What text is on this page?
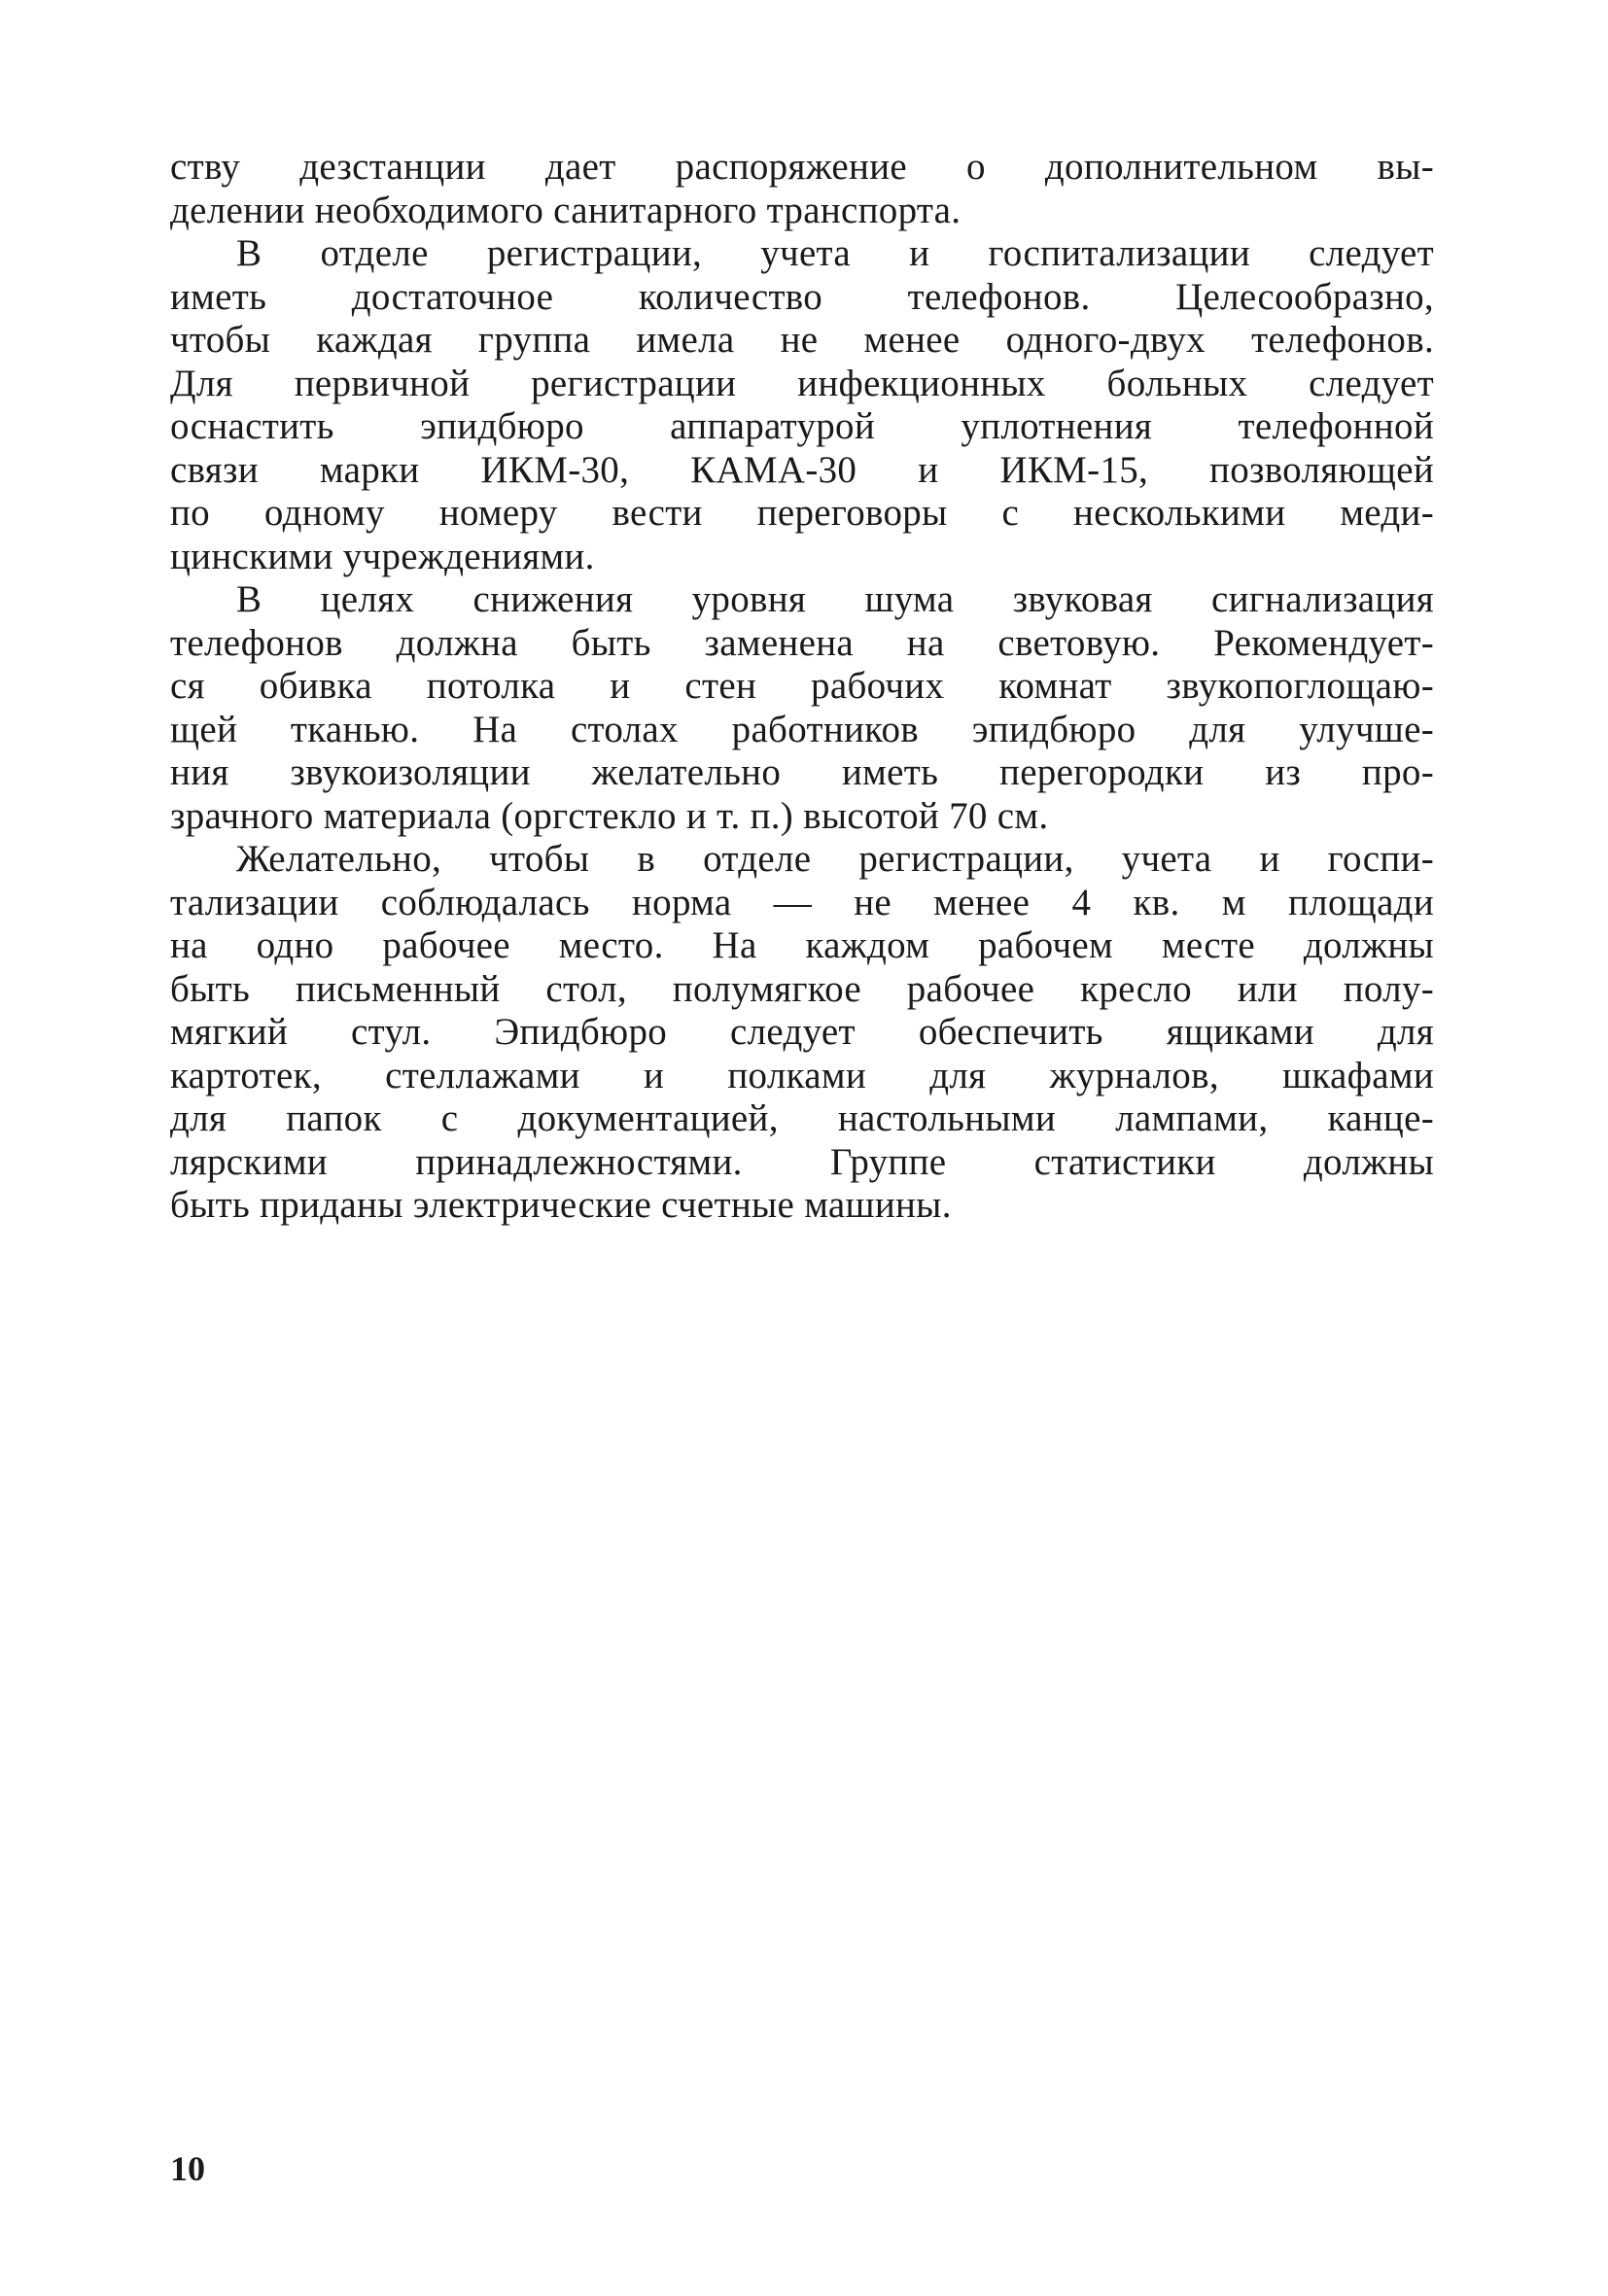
ству дезстанции дает распоряжение о дополнительном вы-
делении необходимого санитарного транспорта.
В отделе регистрации, учета и госпитализации следует
иметь достаточное количество телефонов. Целесообразно,
чтобы каждая группа имела не менее одного-двух телефонов.
Для первичной регистрации инфекционных больных следует
оснастить эпидбюро аппаратурой уплотнения телефонной
связи марки ИКМ-30, КАМА-30 и ИКМ-15, позволяющей
по одному номеру вести переговоры с несколькими меди-
цинскими учреждениями.
В целях снижения уровня шума звуковая сигнализация
телефонов должна быть заменена на световую. Рекомендует-
ся обивка потолка и стен рабочих комнат звукопоглощаю-
щей тканью. На столах работников эпидбюро для улучше-
ния звукоизоляции желательно иметь перегородки из про-
зрачного материала (оргстекло и т. п.) высотой 70 см.
Желательно, чтобы в отделе регистрации, учета и госпи-
тализации соблюдалась норма — не менее 4 кв. м площади
на одно рабочее место. На каждом рабочем месте должны
быть письменный стол, полумягкое рабочее кресло или полу-
мягкий стул. Эпидбюро следует обеспечить ящиками для
картотек, стеллажами и полками для журналов, шкафами
для папок с документацией, настольными лампами, канце-
лярскими принадлежностями. Группе статистики должны
быть приданы электрические счетные машины.
10
